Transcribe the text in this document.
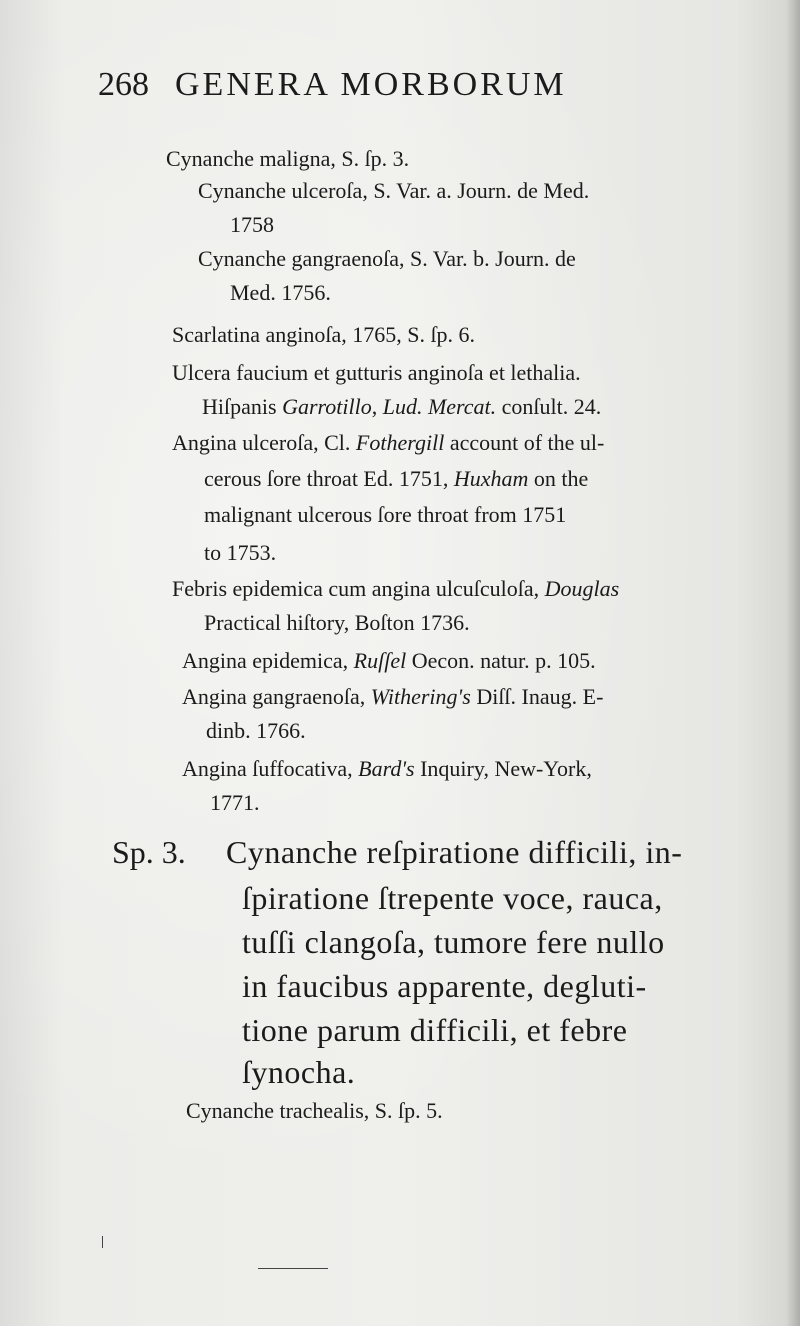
268 GENERA MORBORUM
Cynanche maligna, S. ſp. 3.
Cynanche ulceroſa, S. Var. a. Journ. de Med.
1758
Cynanche gangraenoſa, S. Var. b. Journ. de
Med. 1756.
Scarlatina anginoſa, 1765, S. ſp. 6.
Ulcera faucium et gutturis anginoſa et lethalia.
Hiſpanis Garrotillo, Lud. Mercat. conſult. 24.
Angina ulceroſa, Cl. Fothergill account of the ul-
cerous ſore throat Ed. 1751, Huxham on the
malignant ulcerous ſore throat from 1751
to 1753.
Febris epidemica cum angina ulcuſculoſa, Douglas
Practical hiſtory, Boſton 1736.
Angina epidemica, Ruſſel Oecon. natur. p. 105.
Angina gangraenoſa, Withering's Diſſ. Inaug. E-
dinb. 1766.
Angina ſuffocativa, Bard's Inquiry, New-York,
1771.
Sp. 3. Cynanche reſpiratione difficili, in-
ſpiratione ſtrepente voce, rauca,
tuſſi clangoſa, tumore fere nullo
in faucibus apparente, degluti-
tione parum difficili, et febre
ſynocha.
Cynanche trachealis, S. ſp. 5.
